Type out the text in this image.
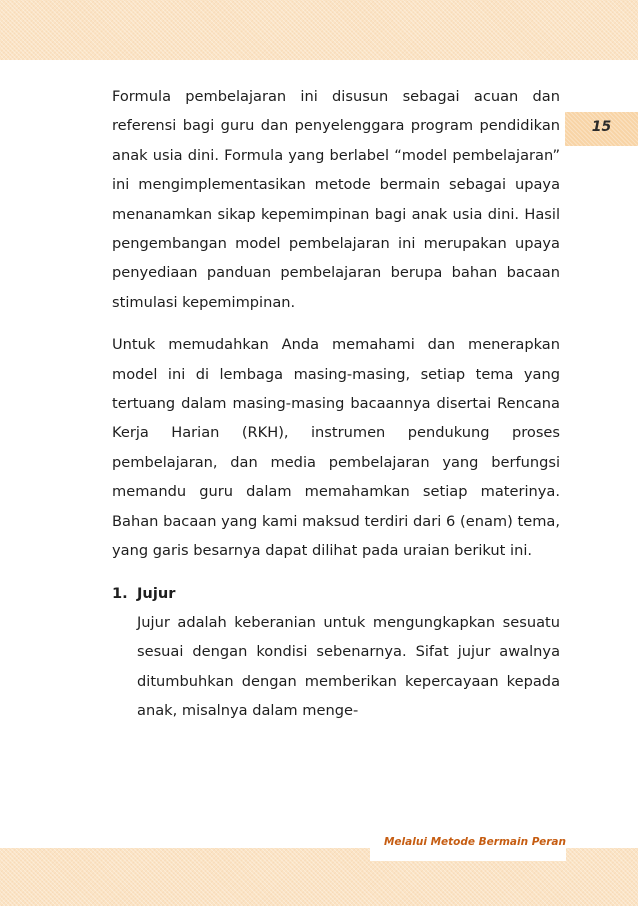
15

Formula pembelajaran ini disusun sebagai acuan dan referensi bagi guru dan penyelenggara program pendidikan anak usia dini. Formula yang berlabel “model pembelajaran” ini mengimplementasikan metode bermain sebagai upaya menanamkan sikap kepemimpinan bagi anak usia dini. Hasil pengembangan model pembelajaran ini merupakan upaya penyediaan panduan pembelajaran berupa bahan bacaan stimulasi kepemimpinan.

Untuk memudahkan Anda memahami dan menerapkan model ini di lembaga masing-masing, setiap tema yang tertuang dalam masing-masing bacaannya disertai Rencana Kerja Harian (RKH), instrumen pendukung proses pembelajaran, dan media pembelajaran yang berfungsi memandu guru dalam memahamkan setiap materinya. Bahan bacaan yang kami maksud terdiri dari 6 (enam) tema, yang garis besarnya dapat dilihat pada uraian berikut ini.

1. Jujur

Jujur adalah keberanian untuk mengungkapkan sesuatu sesuai dengan kondisi sebenarnya. Sifat jujur awalnya ditumbuhkan dengan memberikan kepercayaan kepada anak, misalnya dalam menge-

Melalui Metode Bermain Peran
